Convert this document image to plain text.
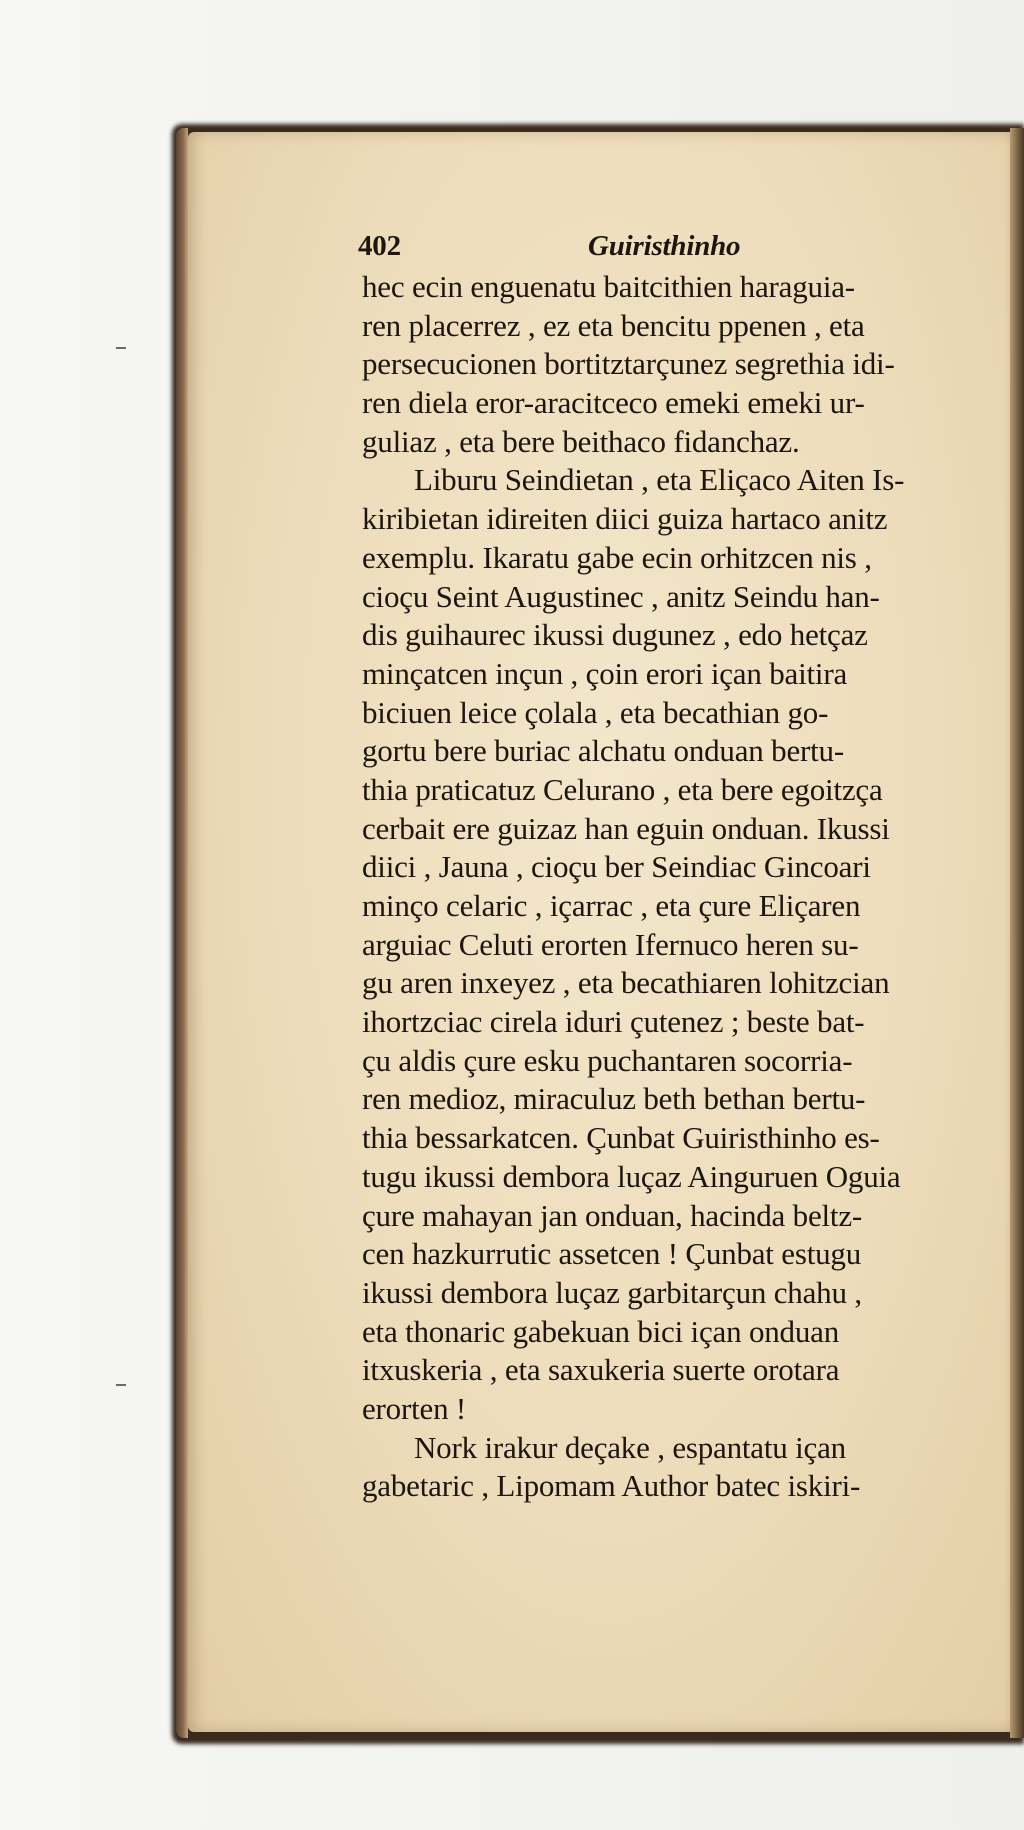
402	Guiristhinho
hec ecin enguenatu baitcithien haraguia-
ren placerrez , ez eta bencitu ppenen , eta
persecucionen bortitztarçunez segrethia idi-
ren diela eror-aracitceco emeki emeki ur-
guliaz , eta bere beithaco fidanchaz.
Liburu Seindietan , eta Eliçaco Aiten Is-
kiribietan idireiten diici guiza hartaco anitz
exemplu. Ikaratu gabe ecin orhitzcen nis ,
cioçu Seint Augustinec , anitz Seindu han-
dis guihaurec ikussi dugunez , edo hetçaz
minçatcen inçun , çoin erori içan baitira
biciuen leice çolala , eta becathian go-
gortu bere buriac alchatu onduan bertu-
thia praticatuz Celurano , eta bere egoitzça
cerbait ere guizaz han eguin onduan. Ikussi
diici , Jauna , cioçu ber Seindiac Gincoari
minço celaric , içarrac , eta çure Eliçaren
arguiac Celuti erorten Ifernuco heren su-
gu aren inxeyez , eta becathiaren lohitzcian
ihortzciac cirela iduri çutenez ; beste bat-
çu aldis çure esku puchantaren socorria-
ren medioz, miraculuz beth bethan bertu-
thia bessarkatcen. Çunbat Guiristhinho es-
tugu ikussi dembora luçaz Ainguruen Oguia
çure mahayan jan onduan, hacinda beltz-
cen hazkurrutic assetcen ! Çunbat estugu
ikussi dembora luçaz garbitarçun chahu ,
eta thonaric gabekuan bici içan onduan
itxuskeria , eta saxukeria suerte orotara
erorten !
Nork irakur deçake , espantatu içan
gabetaric , Lipomam Author batec iskiri-
